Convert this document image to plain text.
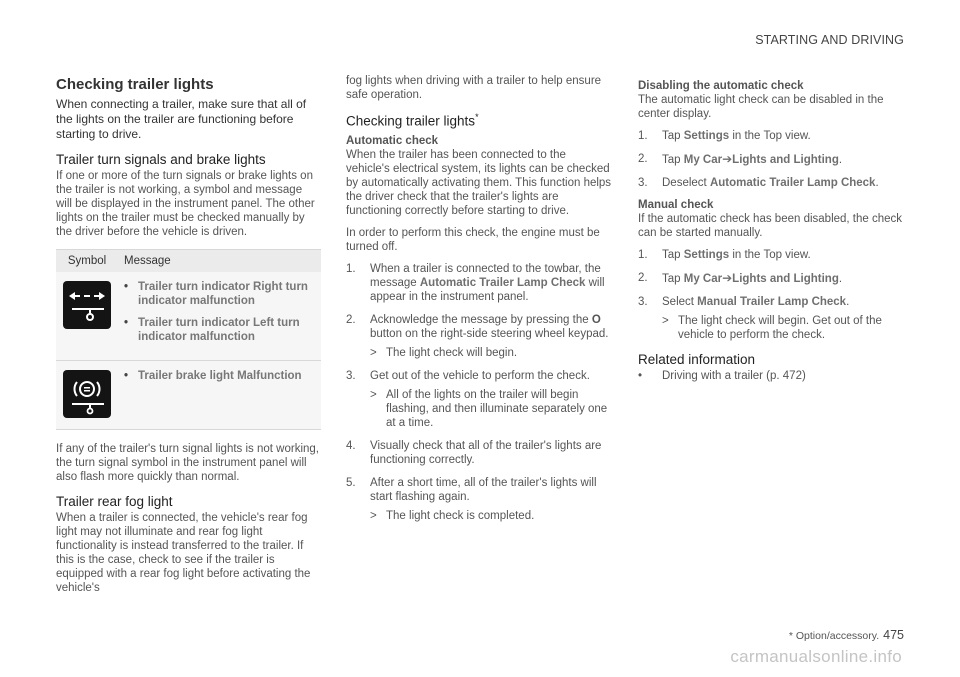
STARTING AND DRIVING
Checking trailer lights

When connecting a trailer, make sure that all of the lights on the trailer are functioning before starting to drive.

Trailer turn signals and brake lights

If one or more of the turn signals or brake lights on the trailer is not working, a symbol and message will be displayed in the instrument panel. The other lights on the trailer must be checked manually by the driver before the vehicle is driven.

Symbol	Message

• Trailer turn indicator Right turn indicator malfunction
• Trailer turn indicator Left turn indicator malfunction

• Trailer brake light Malfunction

If any of the trailer's turn signal lights is not working, the turn signal symbol in the instrument panel will also flash more quickly than normal.

Trailer rear fog light

When a trailer is connected, the vehicle's rear fog light may not illuminate and rear fog light functionality is instead transferred to the trailer. If this is the case, check to see if the trailer is equipped with a rear fog light before activating the vehicle's

fog lights when driving with a trailer to help ensure safe operation.

Checking trailer lights*
Automatic check

When the trailer has been connected to the vehicle's electrical system, its lights can be checked by automatically activating them. This function helps the driver check that the trailer's lights are functioning correctly before starting to drive.

In order to perform this check, the engine must be turned off.

1. When a trailer is connected to the towbar, the message Automatic Trailer Lamp Check will appear in the instrument panel.
2. Acknowledge the message by pressing the O button on the right-side steering wheel keypad.
> The light check will begin.
3. Get out of the vehicle to perform the check.
> All of the lights on the trailer will begin flashing, and then illuminate separately one at a time.
4. Visually check that all of the trailer's lights are functioning correctly.
5. After a short time, all of the trailer's lights will start flashing again.
> The light check is completed.
Disabling the automatic check

The automatic light check can be disabled in the center display.

1. Tap Settings in the Top view.
2. Tap My Car➔Lights and Lighting.
3. Deselect Automatic Trailer Lamp Check.
Manual check

If the automatic check has been disabled, the check can be started manually.

1. Tap Settings in the Top view.
2. Tap My Car➔Lights and Lighting.
3. Select Manual Trailer Lamp Check.
> The light check will begin. Get out of the vehicle to perform the check.
Related information
• Driving with a trailer (p. 472)
* Option/accessory. 475
carmanualsonline.info
